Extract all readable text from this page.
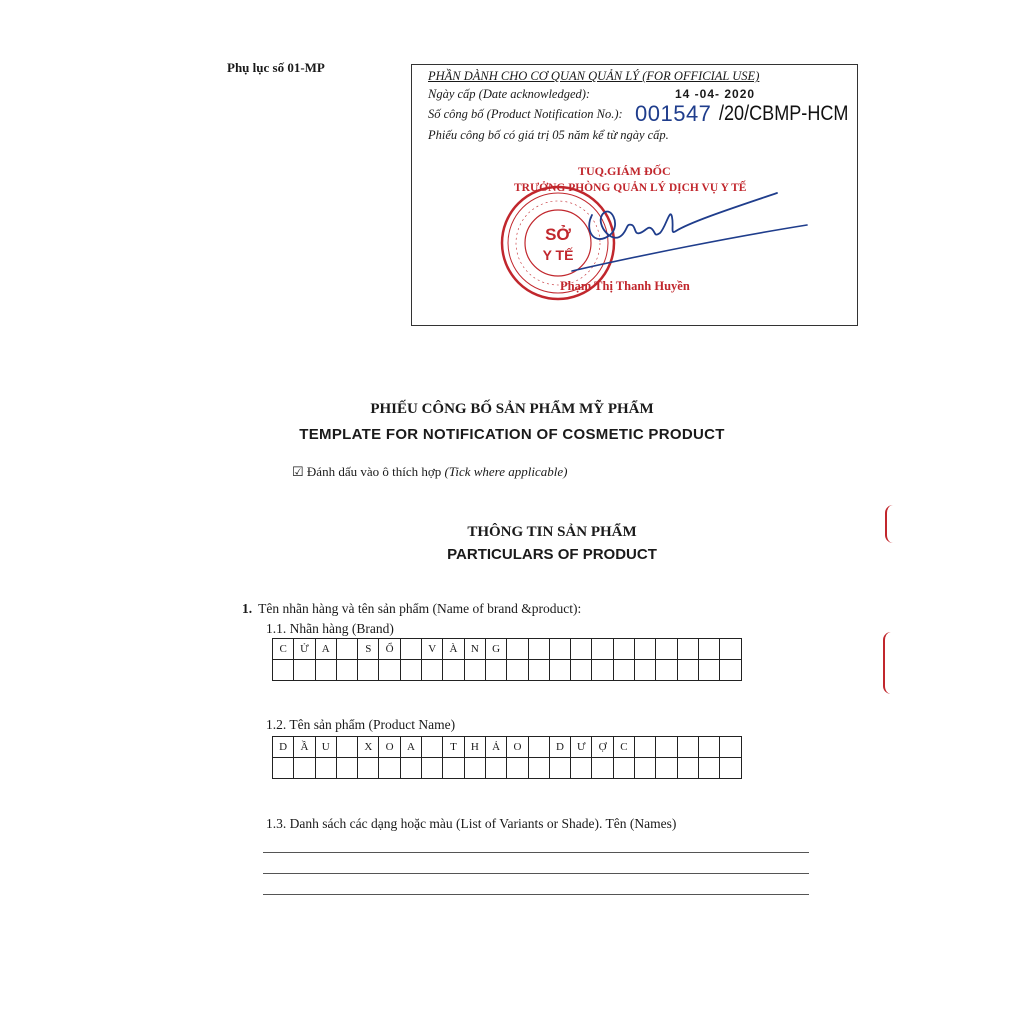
Phụ lục số 01-MP
PHẦN DÀNH CHO CƠ QUAN QUẢN LÝ (FOR OFFICIAL USE)
Ngày cấp (Date acknowledged):	14 -04- 2020
Số công bố (Product Notification No.): 001547 /20/CBMP-HCM
Phiếu công bố có giá trị 05 năm kể từ ngày cấp.
SỞ
Y TẾ
TUQ.GIÁM ĐỐC
TRƯỞNG PHÒNG QUẢN LÝ DỊCH VỤ Y TẾ
Phạm Thị Thanh Huyền
PHIẾU CÔNG BỐ SẢN PHẨM MỸ PHẨM
TEMPLATE FOR NOTIFICATION OF COSMETIC PRODUCT
☑ Đánh dấu vào ô thích hợp (Tick where applicable)
THÔNG TIN SẢN PHẨM
PARTICULARS OF PRODUCT
1. Tên nhãn hàng và tên sản phẩm (Name of brand &product):
1.1. Nhãn hàng (Brand)
C	Ử	A		S	Ổ		V	À	N	G											

1.2. Tên sản phẩm (Product Name)
D	Ầ	U		X	O	A		T	H	Ả	O		D	Ư	Ợ	C					

1.3. Danh sách các dạng hoặc màu (List of Variants or Shade). Tên (Names)
